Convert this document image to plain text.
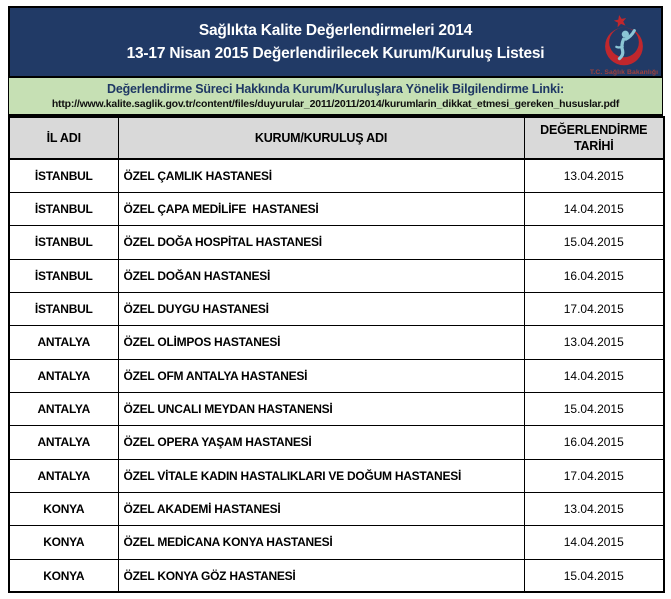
Sağlıkta Kalite Değerlendirmeleri 2014
13-17 Nisan 2015 Değerlendirilecek Kurum/Kuruluş Listesi
T.C. Sağlık Bakanlığı
Değerlendirme Süreci Hakkında Kurum/Kuruluşlara Yönelik Bilgilendirme Linki:
http://www.kalite.saglik.gov.tr/content/files/duyurular_2011/2011/2014/kurumlarin_dikkat_etmesi_gereken_hususlar.pdf
İL ADI	KURUM/KURULUŞ ADI	DEĞERLENDİRME TARİHİ
İSTANBUL	ÖZEL ÇAMLIK HASTANESİ	13.04.2015
İSTANBUL	ÖZEL ÇAPA MEDİLİFE  HASTANESİ	14.04.2015
İSTANBUL	ÖZEL DOĞA HOSPİTAL HASTANESİ	15.04.2015
İSTANBUL	ÖZEL DOĞAN HASTANESİ	16.04.2015
İSTANBUL	ÖZEL DUYGU HASTANESİ	17.04.2015
ANTALYA	ÖZEL OLİMPOS HASTANESİ	13.04.2015
ANTALYA	ÖZEL OFM ANTALYA HASTANESİ	14.04.2015
ANTALYA	ÖZEL UNCALI MEYDAN HASTANENSİ	15.04.2015
ANTALYA	ÖZEL OPERA YAŞAM HASTANESİ	16.04.2015
ANTALYA	ÖZEL VİTALE KADIN HASTALIKLARI VE DOĞUM HASTANESİ	17.04.2015
KONYA	ÖZEL AKADEMİ HASTANESİ	13.04.2015
KONYA	ÖZEL MEDİCANA KONYA HASTANESİ	14.04.2015
KONYA	ÖZEL KONYA GÖZ HASTANESİ	15.04.2015
